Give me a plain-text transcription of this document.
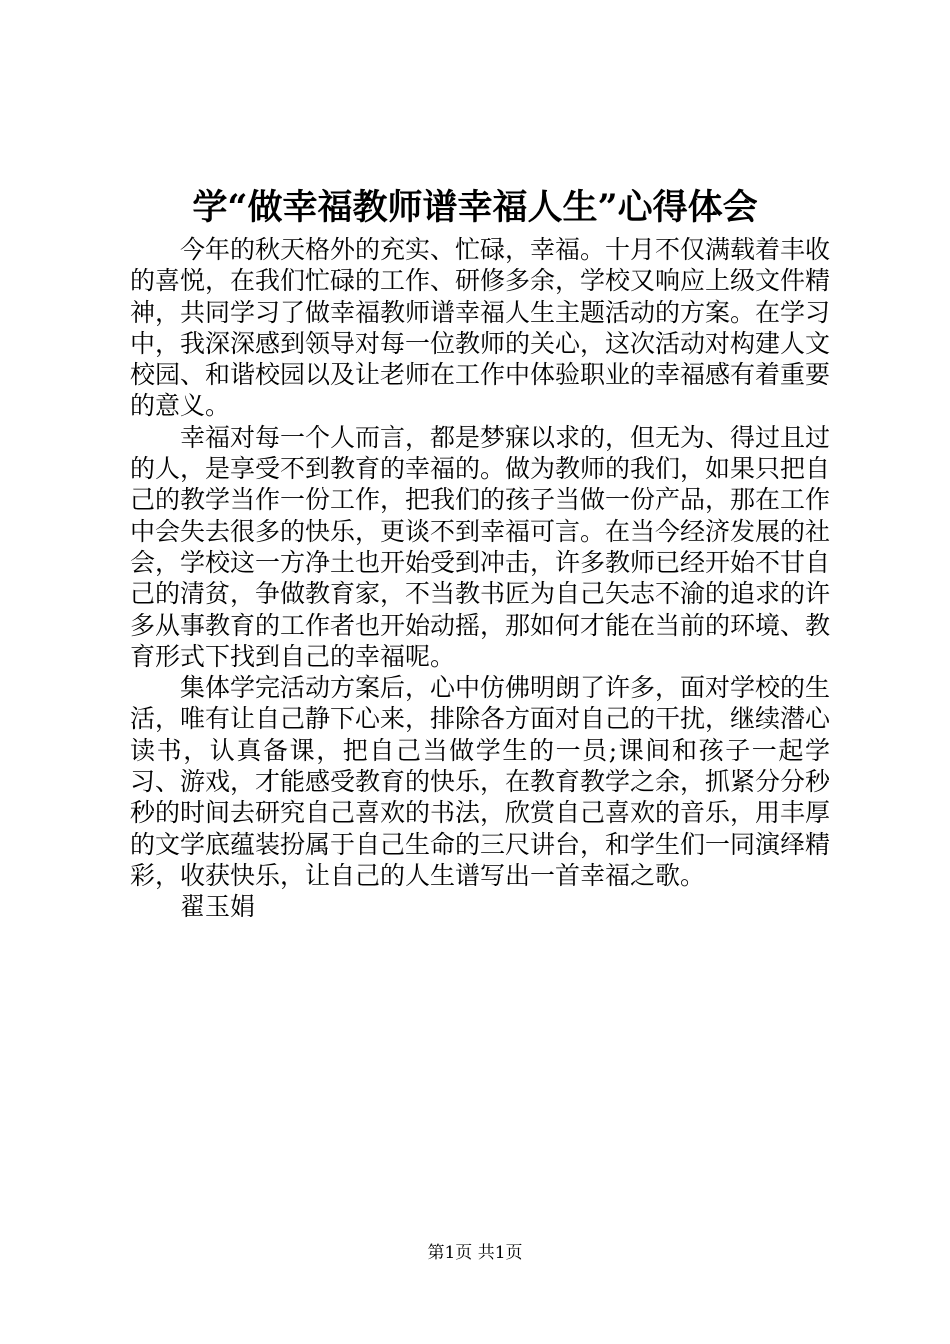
学“做幸福教师谱幸福人生”心得体会

今年的秋天格外的充实、忙碌，幸福。十月不仅满载着丰收的喜悦，在我们忙碌的工作、研修多余，学校又响应上级文件精神，共同学习了做幸福教师谱幸福人生主题活动的方案。在学习中，我深深感到领导对每一位教师的关心，这次活动对构建人文校园、和谐校园以及让老师在工作中体验职业的幸福感有着重要的意义。

幸福对每一个人而言，都是梦寐以求的，但无为、得过且过的人，是享受不到教育的幸福的。做为教师的我们，如果只把自己的教学当作一份工作，把我们的孩子当做一份产品，那在工作中会失去很多的快乐，更谈不到幸福可言。在当今经济发展的社会，学校这一方净土也开始受到冲击，许多教师已经开始不甘自己的清贫，争做教育家，不当教书匠为自己矢志不渝的追求的许多从事教育的工作者也开始动摇，那如何才能在当前的环境、教育形式下找到自己的幸福呢。

集体学完活动方案后，心中仿佛明朗了许多，面对学校的生活，唯有让自己静下心来，排除各方面对自己的干扰，继续潜心读书，认真备课，把自己当做学生的一员;课间和孩子一起学习、游戏，才能感受教育的快乐，在教育教学之余，抓紧分分秒秒的时间去研究自己喜欢的书法，欣赏自己喜欢的音乐，用丰厚的文学底蕴装扮属于自己生命的三尺讲台，和学生们一同演绎精彩，收获快乐，让自己的人生谱写出一首幸福之歌。

翟玉娟

第1页 共1页
